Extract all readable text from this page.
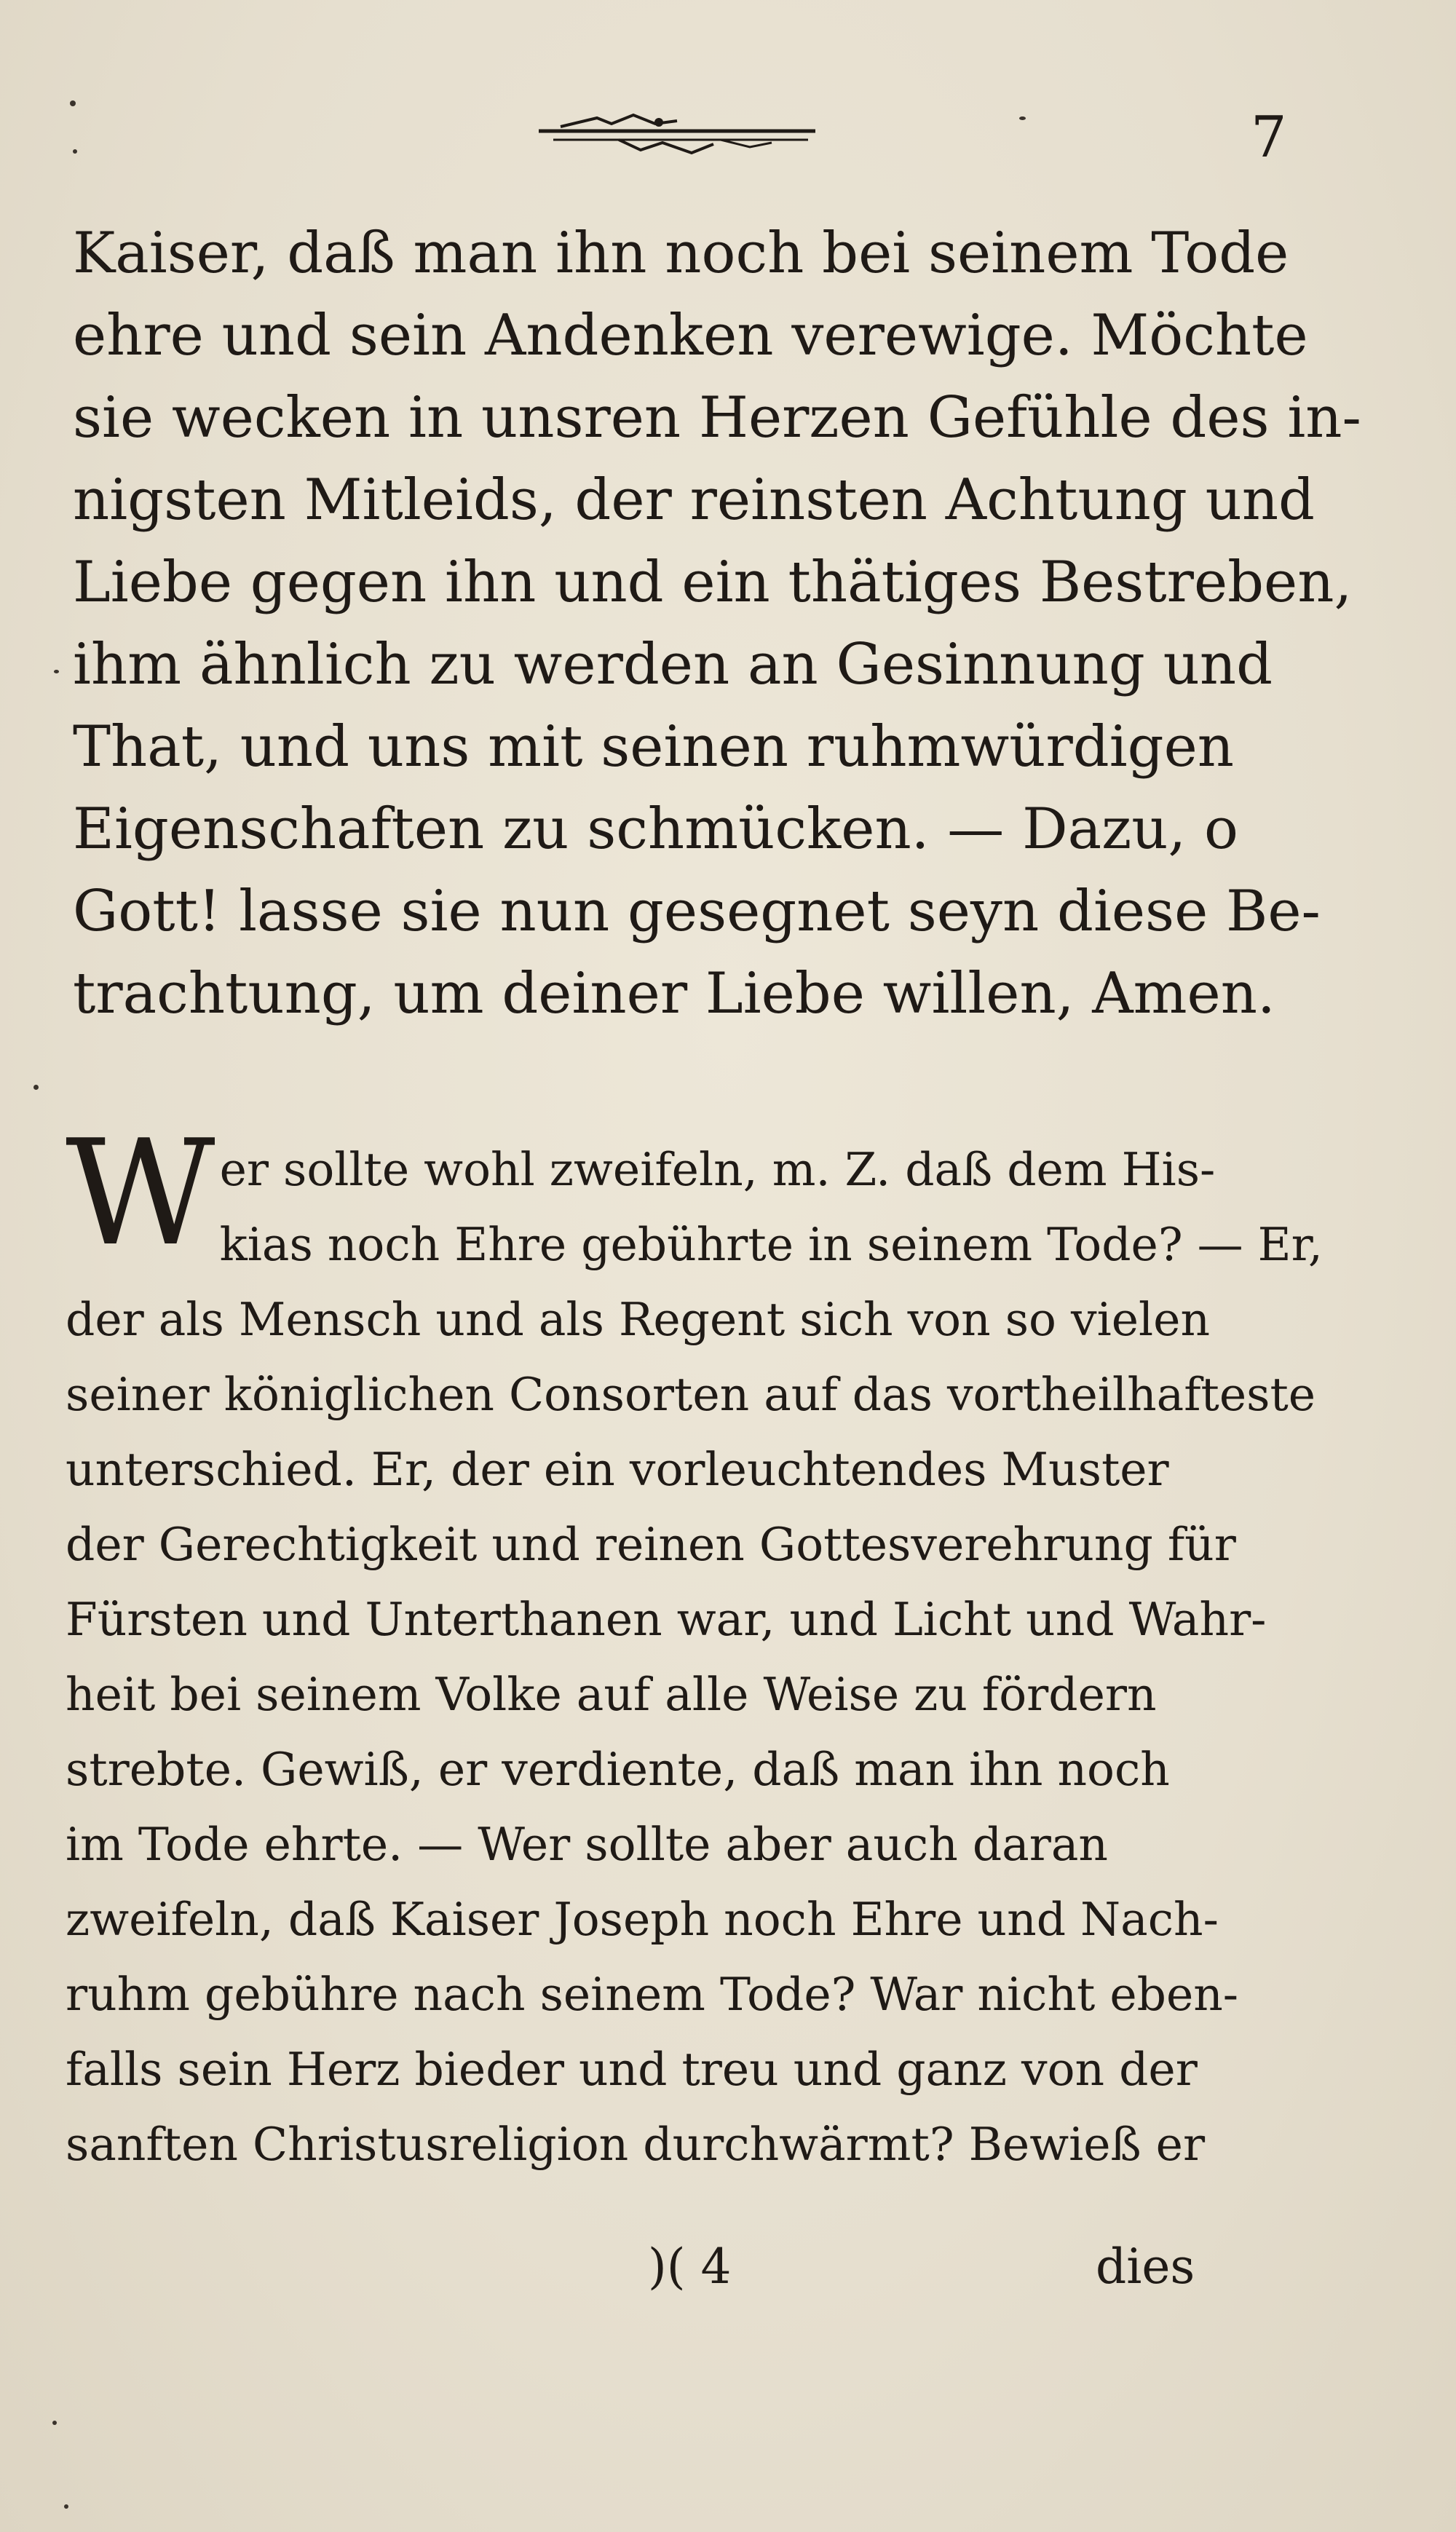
7
Kaiser, daß man ihn noch bei seinem Tode
ehre und sein Andenken verewige. Möchte
sie wecken in unsren Herzen Gefühle des in-
nigsten Mitleids, der reinsten Achtung und
Liebe gegen ihn und ein thätiges Bestreben,
ihm ähnlich zu werden an Gesinnung und
That, und uns mit seinen ruhmwürdigen
Eigenschaften zu schmücken. — Dazu, o
Gott! lasse sie nun gesegnet seyn diese Be-
trachtung, um deiner Liebe willen, Amen.
W er sollte wohl zweifeln, m. Z. daß dem His-
kias noch Ehre gebührte in seinem Tode? — Er,
der als Mensch und als Regent sich von so vielen
seiner königlichen Consorten auf das vortheilhafteste
unterschied. Er, der ein vorleuchtendes Muster
der Gerechtigkeit und reinen Gottesverehrung für
Fürsten und Unterthanen war, und Licht und Wahr-
heit bei seinem Volke auf alle Weise zu fördern
strebte. Gewiß, er verdiente, daß man ihn noch
im Tode ehrte. — Wer sollte aber auch daran
zweifeln, daß Kaiser Joseph noch Ehre und Nach-
ruhm gebühre nach seinem Tode? War nicht eben-
falls sein Herz bieder und treu und ganz von der
sanften Christusreligion durchwärmt? Bewieß er
)( 4	dies
